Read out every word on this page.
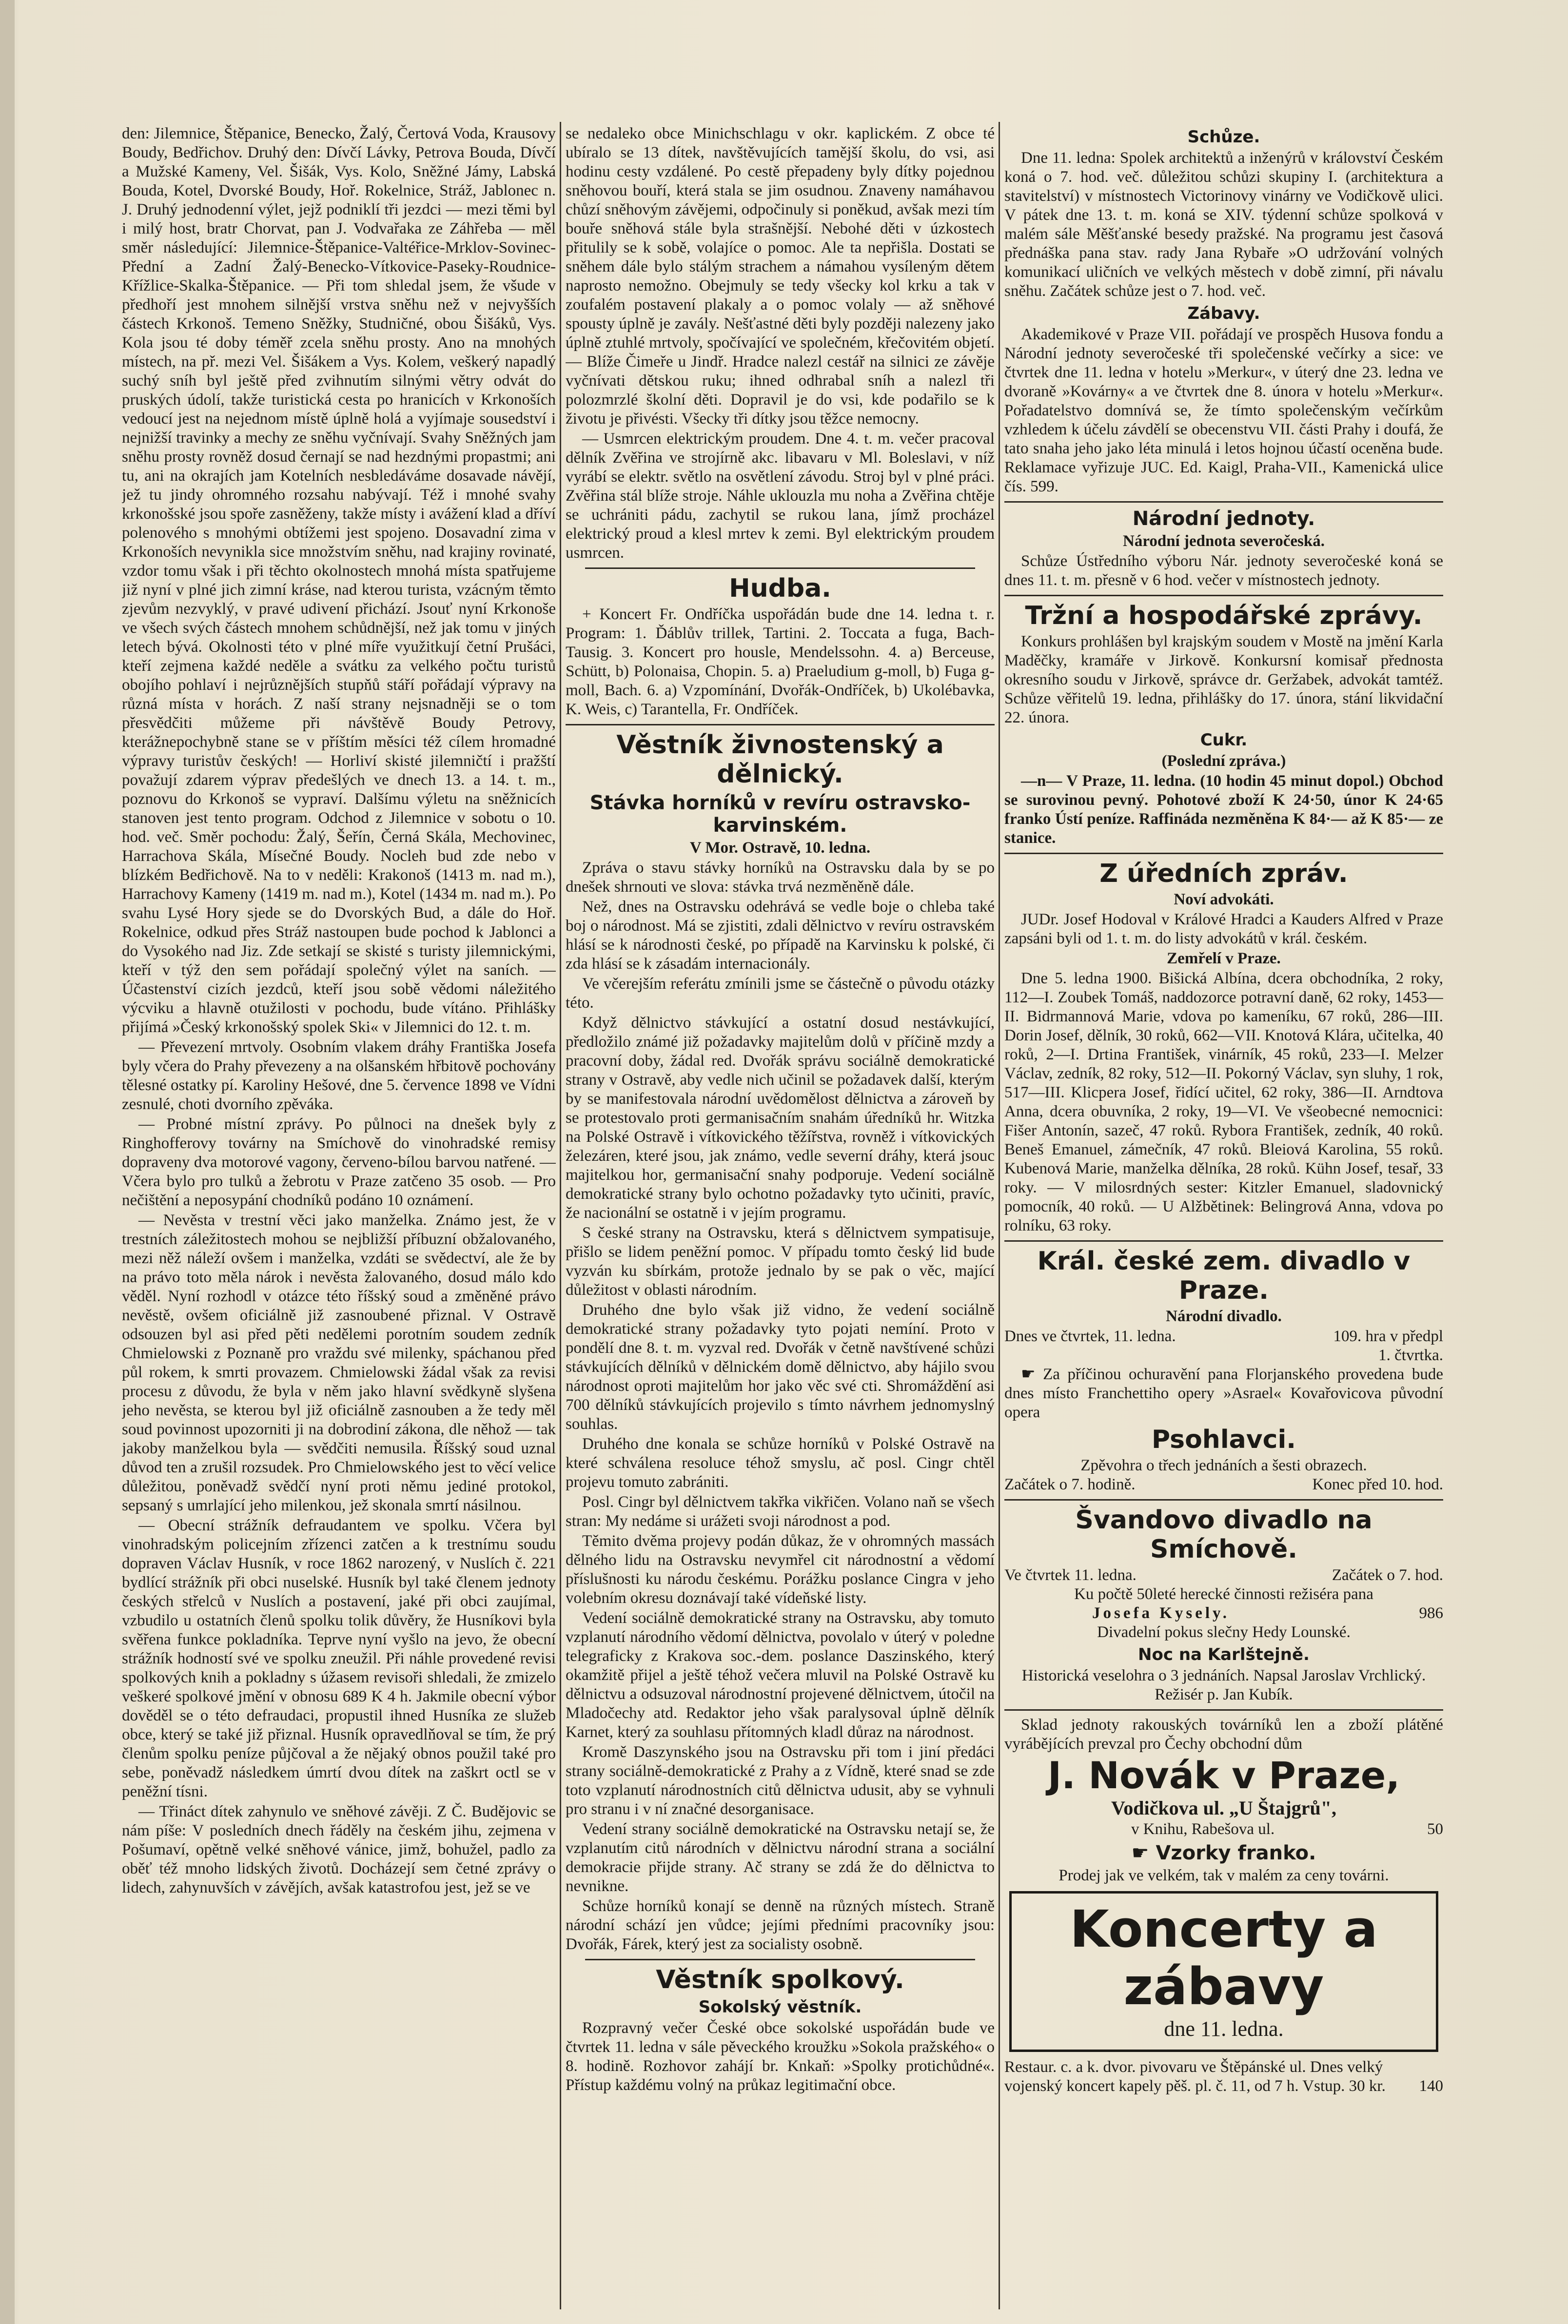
den: Jilemnice, Štěpanice, Benecko, Žalý, Čertová Voda, Krausovy Boudy, Bedřichov. Druhý den: Dívčí Lávky, Petrova Bouda, Dívčí a Mužské Kameny, Vel. Šišák, Vys. Kolo, Sněžné Jámy, Labská Bouda, Kotel, Dvorské Boudy, Hoř. Rokelnice, Stráž, Jablonec n. J. Druhý jednodenní výlet, jejž podniklí tři jezdci — mezi těmi byl i milý host, bratr Chorvat, pan J. Vodvařaka ze Záhřeba — měl směr následující: Jilemnice-Štěpanice-Valtéřice-Mrklov-Sovinec-Přední a Zadní Žalý-Benecko-Vítkovice-Paseky-Roudnice-Křížlice-Skalka-Štěpanice. — Při tom shledal jsem, že všude v předhoří jest mnohem silnější vrstva sněhu než v nejvyšších částech Krkonoš. Temeno Sněžky, Studničné, obou Šišáků, Vys. Kola jsou té doby téměř zcela sněhu prosty. Ano na mnohých místech, na př. mezi Vel. Šišákem a Vys. Kolem, veškerý napadlý suchý sníh byl ještě před zvihnutím silnými větry odvát do pruských údolí, takže turistická cesta po hranicích v Krkonoších vedoucí jest na nejednom místě úplně holá a vyjímaje sousedství i nejnižší travinky a mechy ze sněhu vyčnívají. Svahy Sněžných jam sněhu prosty rovněž dosud černají se nad hezdnými propastmi; ani tu, ani na okrajích jam Kotelních nesbledáváme dosavade návějí, jež tu jindy ohromného rozsahu nabývají. Též i mnohé svahy krkonošské jsou spoře zasněženy, takže místy i avážení klad a dříví polenového s mnohými obtížemi jest spojeno. Dosavadní zima v Krkonoších nevynikla sice množstvím sněhu, nad krajiny rovinaté, vzdor tomu však i při těchto okolnostech mnohá místa spatřujeme již nyní v plné jich zimní kráse, nad kterou turista, vzácným těmto zjevům nezvyklý, v pravé udivení přichází. Jsouť nyní Krkonoše ve všech svých částech mnohem schůdnější, než jak tomu v jiných letech bývá. Okolnosti této v plné míře využitkují četní Prušáci, kteří zejmena každé neděle a svátku za velkého počtu turistů obojího pohlaví i nejrůznějších stupňů stáří pořádají výpravy na různá místa v horách. Z naší strany nejsnadněji se o tom přesvědčiti můžeme při návštěvě Boudy Petrovy, kterážnepochybně stane se v příštím měsíci též cílem hromadné výpravy turistův českých! — Horliví skisté jilemničtí i pražští považují zdarem výprav předešlých ve dnech 13. a 14. t. m., poznovu do Krkonoš se vypraví. Dalšímu výletu na sněžnicích stanoven jest tento program. Odchod z Jilemnice v sobotu o 10. hod. več. Směr pochodu: Žalý, Šeřín, Černá Skála, Mechovinec, Harrachova Skála, Mísečné Boudy. Nocleh bud zde nebo v blízkém Bedřichově. Na to v neděli: Krakonoš (1413 m. nad m.), Harrachovy Kameny (1419 m. nad m.), Kotel (1434 m. nad m.). Po svahu Lysé Hory sjede se do Dvorských Bud, a dále do Hoř. Rokelnice, odkud přes Stráž nastoupen bude pochod k Jablonci a do Vysokého nad Jiz. Zde setkají se skisté s turisty jilemnickými, kteří v týž den sem pořádají společný výlet na saních. — Účastenství cizích jezdců, kteří jsou sobě vědomi náležitého výcviku a hlavně otužilosti v pochodu, bude vítáno. Přihlášky přijímá »Český krkonošský spolek Ski« v Jilemnici do 12. t. m.

— Převezení mrtvoly. Osobním vlakem dráhy Františka Josefa byly včera do Prahy převezeny a na olšanském hřbitově pochovány tělesné ostatky pí. Karoliny Hešové, dne 5. července 1898 ve Vídni zesnulé, choti dvorního zpěváka.

— Probné místní zprávy. Po půlnoci na dnešek byly z Ringhofferovy továrny na Smíchově do vinohradské remisy dopraveny dva motorové vagony, červeno-bílou barvou natřené. — Včera bylo pro tulků a žebrotu v Praze zatčeno 35 osob. — Pro nečištění a neposypání chodníků podáno 10 oznámení.

— Nevěsta v trestní věci jako manželka. Známo jest, že v trestních záležitostech mohou se nejbližší příbuzní obžalovaného, mezi něž náleží ovšem i manželka, vzdáti se svědectví, ale že by na právo toto měla nárok i nevěsta žalovaného, dosud málo kdo věděl. Nyní rozhodl v otázce této říšský soud a změněné právo nevěstě, ovšem oficiálně již zasnoubené přiznal. V Ostravě odsouzen byl asi před pěti nedělemi porotním soudem zedník Chmielowski z Poznaně pro vraždu své milenky, spáchanou před půl rokem, k smrti provazem. Chmielowski žádal však za revisi procesu z důvodu, že byla v něm jako hlavní svědkyně slyšena jeho nevěsta, se kterou byl již oficiálně zasnouben a že tedy měl soud povinnost upozorniti ji na dobrodiní zákona, dle něhož — tak jakoby manželkou byla — svědčiti nemusila. Říšský soud uznal důvod ten a zrušil rozsudek. Pro Chmielowského jest to věcí velice důležitou, poněvadž svědčí nyní proti němu jediné protokol, sepsaný s umrlající jeho milenkou, jež skonala smrtí násilnou.

— Obecní strážník defraudantem ve spolku. Včera byl vinohradským policejním zřízenci zatčen a k trestnímu soudu dopraven Václav Husník, v roce 1862 narozený, v Nuslích č. 221 bydlící strážník při obci nuselské. Husník byl také členem jednoty českých střelců v Nuslích a postavení, jaké při obci zaujímal, vzbudilo u ostatních členů spolku tolik důvěry, že Husníkovi byla svěřena funkce pokladníka. Teprve nyní vyšlo na jevo, že obecní strážník hodností své ve spolku zneužil. Při náhle provedené revisi spolkových knih a pokladny s úžasem revisoři shledali, že zmizelo veškeré spolkové jmění v obnosu 689 K 4 h. Jakmile obecní výbor dověděl se o této defraudaci, propustil ihned Husníka ze služeb obce, který se také již přiznal. Husník opravedlňoval se tím, že prý členům spolku peníze půjčoval a že nějaký obnos použil také pro sebe, poněvadž následkem úmrtí dvou dítek na zaškrt octl se v peněžní tísni.

— Třináct dítek zahynulo ve sněhové závěji. Z Č. Budějovic se nám píše: V posledních dnech řáděly na českém jihu, zejmena v Pošumaví, opětně velké sněhové vánice, jimž, bohužel, padlo za oběť též mnoho lidských životů. Docházejí sem četné zprávy o lidech, zahynuvších v závějích, avšak katastrofou jest, jež se ve

se nedaleko obce Minichschlagu v okr. kaplickém. Z obce té ubíralo se 13 dítek, navštěvujících tamější školu, do vsi, asi hodinu cesty vzdálené. Po cestě přepadeny byly dítky pojednou sněhovou bouří, která stala se jim osudnou. Znaveny namáhavou chůzí sněhovým závějemi, odpočinuly si poněkud, avšak mezi tím bouře sněhová stále byla strašnější. Nebohé děti v úzkostech přitulily se k sobě, volajíce o pomoc. Ale ta nepřišla. Dostati se sněhem dále bylo stálým strachem a námahou vysíleným dětem naprosto nemožno. Obejmuly se tedy všecky kol krku a tak v zoufalém postavení plakaly a o pomoc volaly — až sněhové spousty úplně je zavály. Nešťastné děti byly později nalezeny jako úplně ztuhlé mrtvoly, spočívající ve společném, křečovitém objetí. — Blíže Čimeře u Jindř. Hradce nalezl cestář na silnici ze závěje vyčnívati dětskou ruku; ihned odhrabal sníh a nalezl tři polozmrzlé školní děti. Dopravil je do vsi, kde podařilo se k životu je přivésti. Všecky tři dítky jsou těžce nemocny.

— Usmrcen elektrickým proudem. Dne 4. t. m. večer pracoval dělník Zvěřina ve strojírně akc. libavaru v Ml. Boleslavi, v níž vyrábí se elektr. světlo na osvětlení závodu. Stroj byl v plné práci. Zvěřina stál blíže stroje. Náhle uklouzla mu noha a Zvěřina chtěje se uchrániti pádu, zachytil se rukou lana, jímž procházel elektrický proud a klesl mrtev k zemi. Byl elektrickým proudem usmrcen.

Hudba.

+ Koncert Fr. Ondříčka uspořádán bude dne 14. ledna t. r. Program: 1. Ďáblův trillek, Tartini. 2. Toccata a fuga, Bach-Tausig. 3. Koncert pro housle, Mendelssohn. 4. a) Berceuse, Schütt, b) Polonaisa, Chopin. 5. a) Praeludium g-moll, b) Fuga g-moll, Bach. 6. a) Vzpomínání, Dvořák-Ondříček, b) Ukolébavka, K. Weis, c) Tarantella, Fr. Ondříček.

Věstník živnostenský a dělnický.
Stávka horníků v revíru ostravsko-karvinském.
V Mor. Ostravě, 10. ledna.

Zpráva o stavu stávky horníků na Ostravsku dala by se po dnešek shrnouti ve slova: stávka trvá nezměněně dále.

Než, dnes na Ostravsku odehrává se vedle boje o chleba také boj o národnost. Má se zjistiti, zdali dělnictvo v revíru ostravském hlásí se k národnosti české, po případě na Karvinsku k polské, či zda hlásí se k zásadám internacionály.

Ve včerejším referátu zmínili jsme se částečně o původu otázky této.

Když dělnictvo stávkující a ostatní dosud nestávkující, předložilo známé již požadavky majitelům dolů v příčině mzdy a pracovní doby, žádal red. Dvořák správu sociálně demokratické strany v Ostravě, aby vedle nich učinil se požadavek další, kterým by se manifestovala národní uvědomělost dělnictva a zároveň by se protestovalo proti germanisačním snahám úředníků hr. Witzka na Polské Ostravě i vítkovického těžířstva, rovněž i vítkovických železáren, které jsou, jak známo, vedle severní dráhy, která jsouc majitelkou hor, germanisační snahy podporuje. Vedení sociálně demokratické strany bylo ochotno požadavky tyto učiniti, pravíc, že nacionální se ostatně i v jejím programu.

S české strany na Ostravsku, která s dělnictvem sympatisuje, přišlo se lidem peněžní pomoc. V případu tomto český lid bude vyzván ku sbírkám, protože jednalo by se pak o věc, mající důležitost v oblasti národním.

Druhého dne bylo však již vidno, že vedení sociálně demokratické strany požadavky tyto pojati nemíní. Proto v pondělí dne 8. t. m. vyzval red. Dvořák v četně navštívené schůzi stávkujících dělníků v dělnickém domě dělnictvo, aby hájilo svou národnost oproti majitelům hor jako věc své cti. Shromáždění asi 700 dělníků stávkujících projevilo s tímto návrhem jednomyslný souhlas.

Druhého dne konala se schůze horníků v Polské Ostravě na které schválena resoluce téhož smyslu, ač posl. Cingr chtěl projevu tomuto zabrániti.

Posl. Cingr byl dělnictvem takřka vikřičen. Volano naň se všech stran: My nedáme si urážeti svoji národnost a pod.

Těmito dvěma projevy podán důkaz, že v ohromných massách dělného lidu na Ostravsku nevymřel cit národnostní a vědomí příslušnosti ku národu českému. Porážku poslance Cingra v jeho volebním okresu doznávají také vídeňské listy.

Vedení sociálně demokratické strany na Ostravsku, aby tomuto vzplanutí národního vědomí dělnictva, povolalo v úterý v poledne telegraficky z Krakova soc.-dem. poslance Daszinského, který okamžitě přijel a ještě téhož večera mluvil na Polské Ostravě ku dělnictvu a odsuzoval národnostní projevené dělnictvem, útočil na Mladočechy atd. Redaktor jeho však paralysoval úplně dělník Karnet, který za souhlasu přítomných kladl důraz na národnost.

Kromě Daszynského jsou na Ostravsku při tom i jiní předáci strany sociálně-demokratické z Prahy a z Vídně, které snad se zde toto vzplanutí národnostních citů dělnictva udusit, aby se vyhnuli pro stranu i v ní značné desorganisace.

Vedení strany sociálně demokratické na Ostravsku netají se, že vzplanutím citů národních v dělnictvu národní strana a sociální demokracie přijde strany. Ač strany se zdá že do dělnictva to nevnikne.

Schůze horníků konají se denně na různých místech. Straně národní schází jen vůdce; jejími předními pracovníky jsou: Dvořák, Fárek, který jest za socialisty osobně.

Věstník spolkový.
Sokolský věstník.

Rozpravný večer České obce sokolské uspořádán bude ve čtvrtek 11. ledna v sále pěveckého kroužku »Sokola pražského« o 8. hodině. Rozhovor zahájí br. Knkaň: »Spolky protichůdné«. Přístup každému volný na průkaz legitimační obce.

Schůze.

Dne 11. ledna: Spolek architektů a inženýrů v království Českém koná o 7. hod. več. důležitou schůzi skupiny I. (architektura a stavitelství) v místnostech Victorinovy vinárny ve Vodičkově ulici. V pátek dne 13. t. m. koná se XIV. týdenní schůze spolková v malém sále Měšťanské besedy pražské. Na programu jest časová přednáška pana stav. rady Jana Rybaře »O udržování volných komunikací uličních ve velkých městech v době zimní, při návalu sněhu. Začátek schůze jest o 7. hod. več.

Zábavy.

Akademikové v Praze VII. pořádají ve prospěch Husova fondu a Národní jednoty severočeské tři společenské večírky a sice: ve čtvrtek dne 11. ledna v hotelu »Merkur«, v úterý dne 23. ledna ve dvoraně »Kovárny« a ve čtvrtek dne 8. února v hotelu »Merkur«. Pořadatelstvo domnívá se, že tímto společenským večírkům vzhledem k účelu závdělí se obecenstvu VII. části Prahy i doufá, že tato snaha jeho jako léta minulá i letos hojnou účastí oceněna bude. Reklamace vyřizuje JUC. Ed. Kaigl, Praha-VII., Kamenická ulice čís. 599.

Národní jednoty.
Národní jednota severočeská.

Schůze Ústředního výboru Nár. jednoty severočeské koná se dnes 11. t. m. přesně v 6 hod. večer v místnostech jednoty.

Tržní a hospodářské zprávy.

Konkurs prohlášen byl krajským soudem v Mostě na jmění Karla Maděčky, kramáře v Jirkově. Konkursní komisař přednosta okresního soudu v Jirkově, správce dr. Geržabek, advokát tamtéž. Schůze věřitelů 19. ledna, přihlášky do 17. února, stání likvidační 22. února.

Cukr.
(Poslední zpráva.)

—n— V Praze, 11. ledna. (10 hodin 45 minut dopol.) Obchod se surovinou pevný. Pohotové zboží K 24·50, únor K 24·65 franko Ústí peníze. Raffináda nezměněna K 84·— až K 85·— ze stanice.

Z úředních zpráv.
Noví advokáti.

JUDr. Josef Hodoval v Králové Hradci a Kauders Alfred v Praze zapsáni byli od 1. t. m. do listy advokátů v král. českém.

Zemřelí v Praze.

Dne 5. ledna 1900. Bišická Albína, dcera obchodníka, 2 roky, 112—I. Zoubek Tomáš, naddozorce potravní daně, 62 roky, 1453—II. Bidrmannová Marie, vdova po kameníku, 67 roků, 286—III. Dorin Josef, dělník, 30 roků, 662—VII. Knotová Klára, učitelka, 40 roků, 2—I. Drtina František, vinárník, 45 roků, 233—I. Melzer Václav, zedník, 82 roky, 512—II. Pokorný Václav, syn sluhy, 1 rok, 517—III. Klicpera Josef, řidící učitel, 62 roky, 386—II. Arndtova Anna, dcera obuvníka, 2 roky, 19—VI. Ve všeobecné nemocnici: Fišer Antonín, sazeč, 47 roků. Rybora František, zedník, 40 roků. Beneš Emanuel, zámečník, 47 roků. Bleiová Karolina, 55 roků. Kubenová Marie, manželka dělníka, 28 roků. Kühn Josef, tesař, 33 roky. — V milosrdných sester: Kitzler Emanuel, sladovnický pomocník, 40 roků. — U Alžbětinek: Belingrová Anna, vdova po rolníku, 63 roky.

Král. české zem. divadlo v Praze.
Národní divadlo.
Dnes ve čtvrtek, 11. ledna.	109. hra v předpl
1. čtvrtka.

☛ Za příčinou ochuravění pana Florjanského provedena bude dnes místo Franchettiho opery »Asrael« Kovařovicova původní opera

Psohlavci.
Zpěvohra o třech jednáních a šesti obrazech.
Začátek o 7. hodině.	Konec před 10. hod.
Švandovo divadlo na Smíchově.
Ve čtvrtek 11. ledna.	Začátek o 7. hod.
Ku počtě 50leté herecké činnosti režiséra pana
Josefa Kysely.	986
Divadelní pokus slečny Hedy Lounské.
Noc na Karlštejně.
Historická veselohra o 3 jednáních. Napsal Jaroslav Vrchlický. Režisér p. Jan Kubík.

Sklad jednoty rakouských továrníků len a zboží plátěné vyrábějících prevzal pro Čechy obchodní dům

J. Novák v Praze,
Vodičkova ul. „U Štajgrů",
v Knihu, Rabešova ul.	50
☛ Vzorky franko.
Prodej jak ve velkém, tak v malém za ceny továrni.
Koncerty a zábavy
dne 11. ledna.
Restaur. c. a k. dvor. pivovaru ve Štěpánské ul. Dnes velký vojenský koncert kapely pěš. pl. č. 11, od 7 h. Vstup. 30 kr.	140
